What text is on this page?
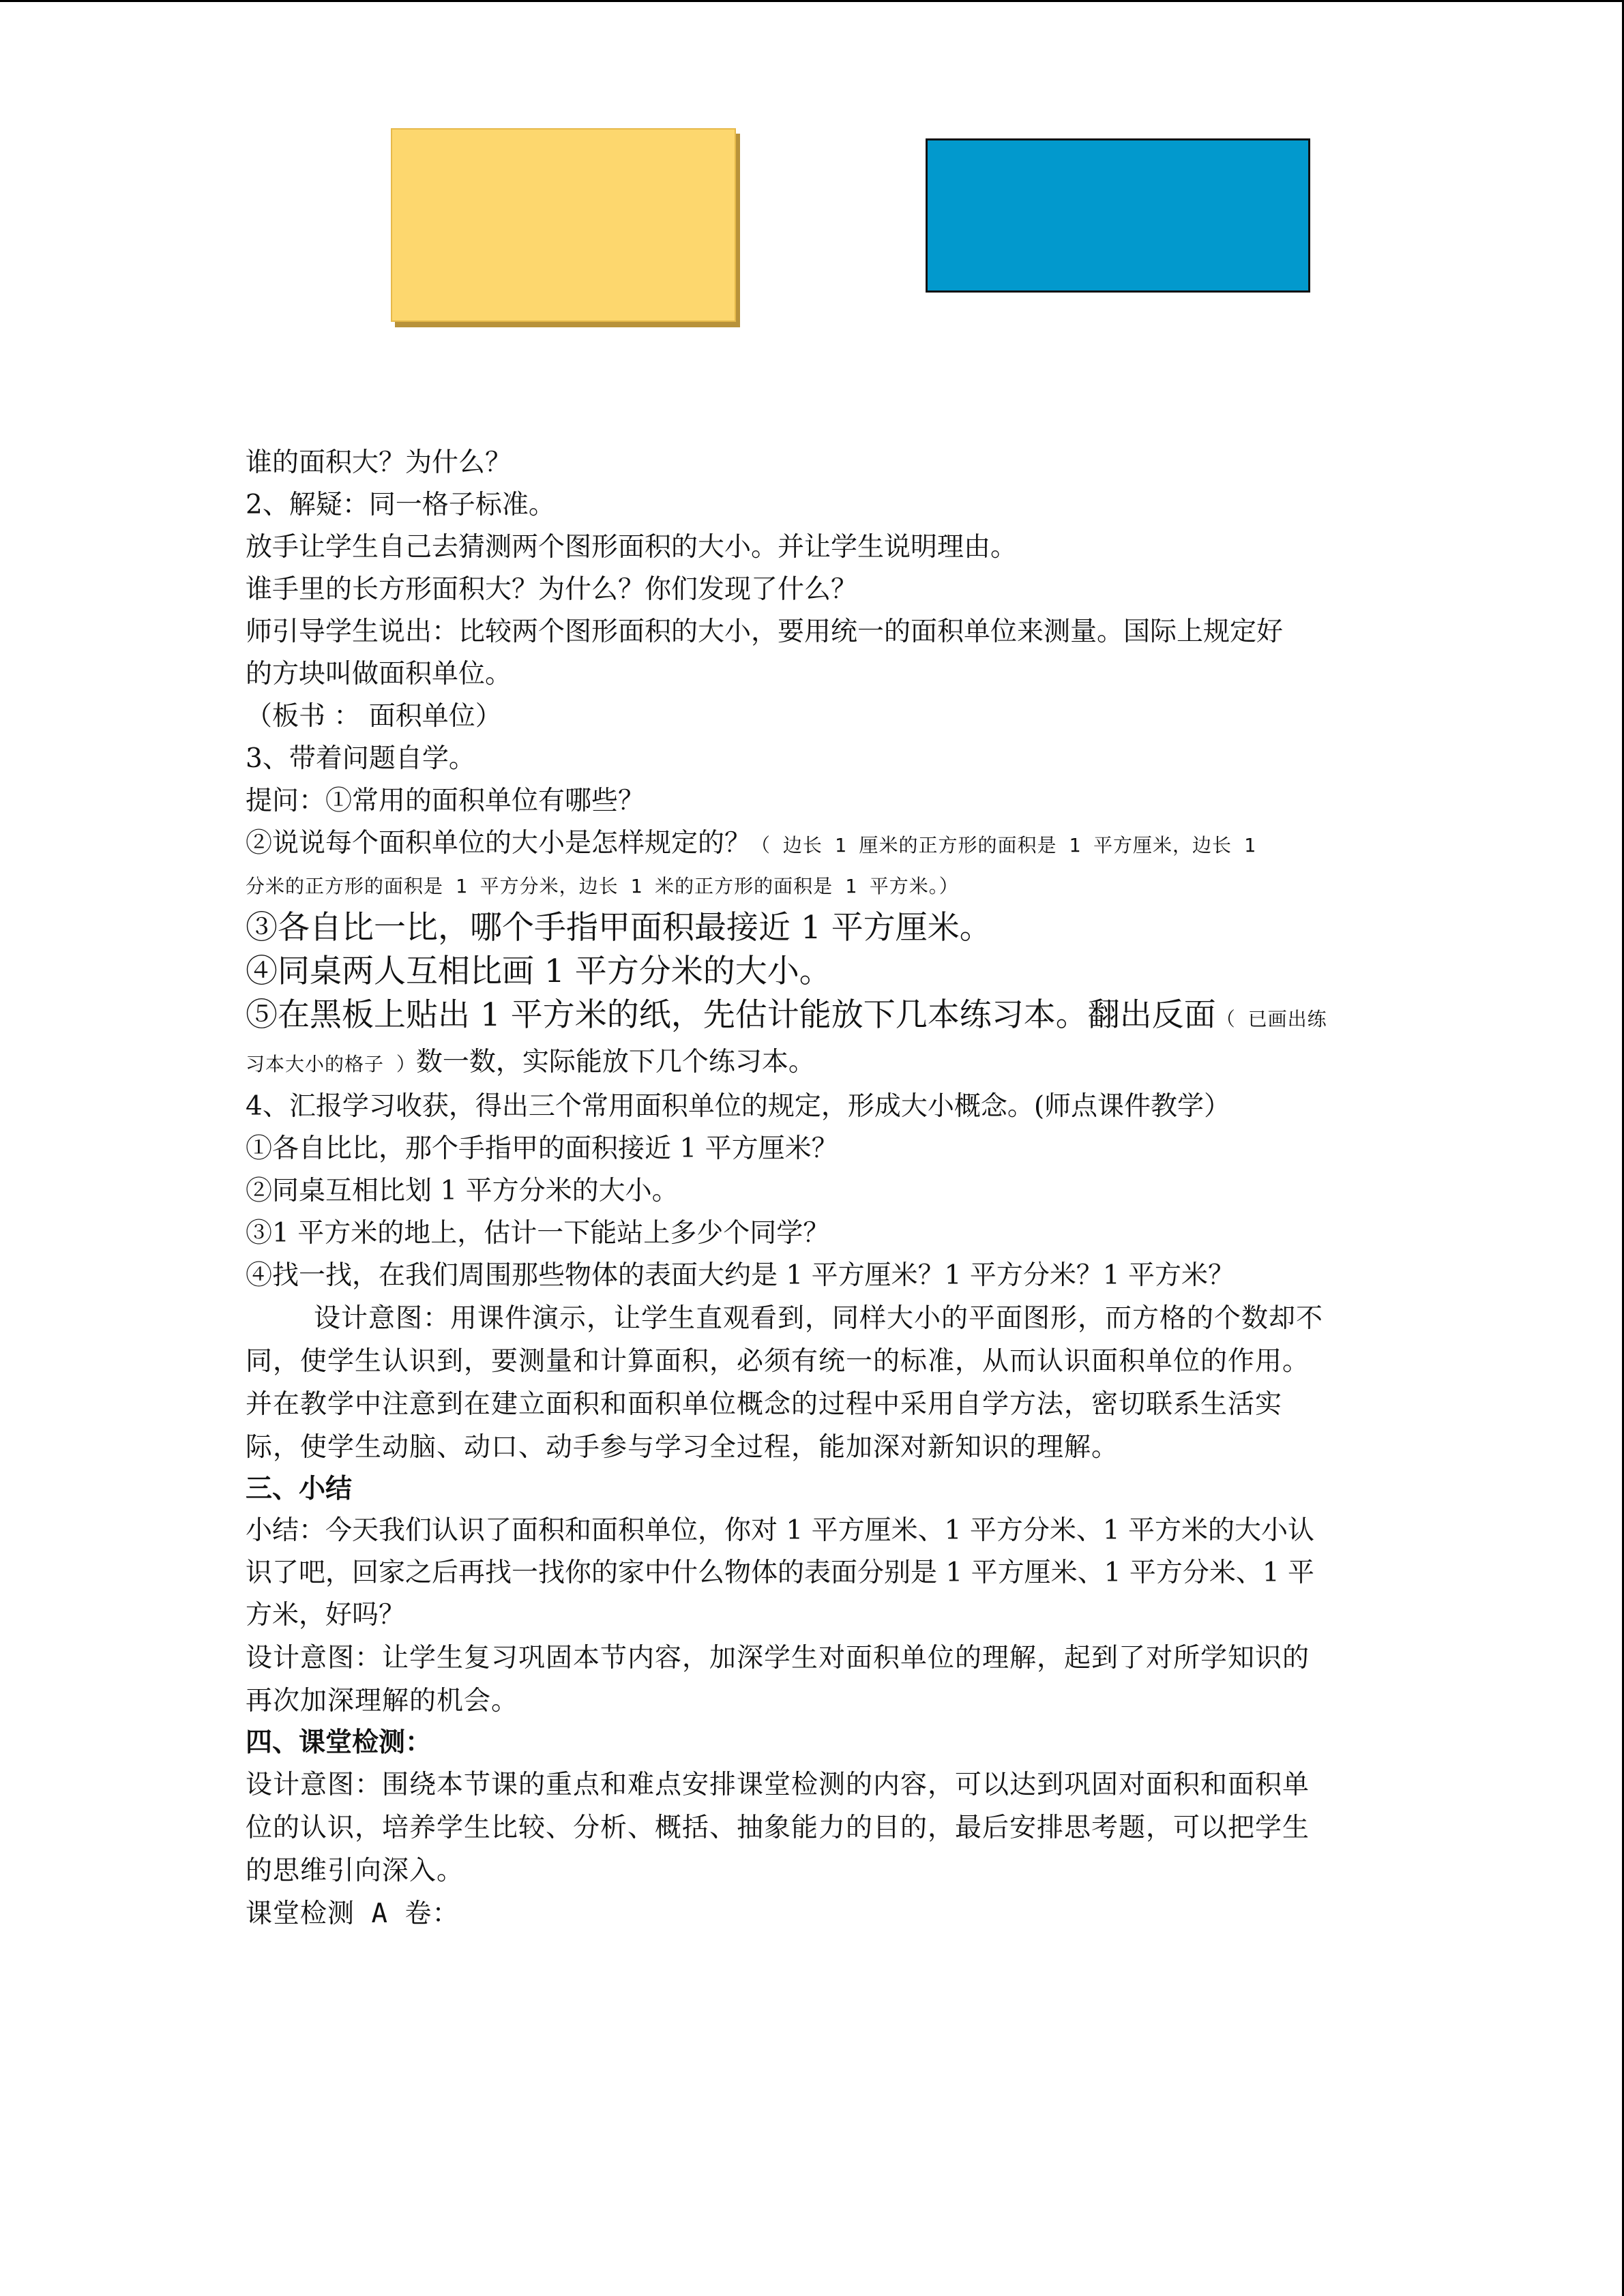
谁的面积大？为什么？

2、解疑：同一格子标准。

放手让学生自己去猜测两个图形面积的大小。并让学生说明理由。

谁手里的长方形面积大？为什么？你们发现了什么？

师引导学生说出：比较两个图形面积的大小，要用统一的面积单位来测量。国际上规定好

的方块叫做面积单位。

（板书 ： 面积单位）

3、带着问题自学。

提问：①常用的面积单位有哪些？

②说说每个面积单位的大小是怎样规定的？（ 边长 1 厘米的正方形的面积是 1 平方厘米，边长 1

分米的正方形的面积是 1 平方分米，边长 1 米的正方形的面积是 1 平方米。）

③各自比一比，哪个手指甲面积最接近 1 平方厘米。

④同桌两人互相比画 1 平方分米的大小。

⑤在黑板上贴出 1 平方米的纸，先估计能放下几本练习本。翻出反面（ 已画出练

习本大小的格子 ）数一数，实际能放下几个练习本。

4、汇报学习收获，得出三个常用面积单位的规定，形成大小概念。(师点课件教学）

①各自比比，那个手指甲的面积接近 1 平方厘米？

②同桌互相比划 1 平方分米的大小。

③1 平方米的地上，估计一下能站上多少个同学？

④找一找，在我们周围那些物体的表面大约是 1 平方厘米？1 平方分米？1 平方米？

设计意图：用课件演示，让学生直观看到，同样大小的平面图形，而方格的个数却不

同，使学生认识到，要测量和计算面积，必须有统一的标准，从而认识面积单位的作用。

并在教学中注意到在建立面积和面积单位概念的过程中采用自学方法，密切联系生活实

际，使学生动脑、动口、动手参与学习全过程，能加深对新知识的理解。

三、小结

小结：今天我们认识了面积和面积单位，你对 1 平方厘米、1 平方分米、1 平方米的大小认

识了吧，回家之后再找一找你的家中什么物体的表面分别是 1 平方厘米、1 平方分米、1 平

方米，好吗？

设计意图：让学生复习巩固本节内容，加深学生对面积单位的理解，起到了对所学知识的

再次加深理解的机会。

四、课堂检测：

设计意图：围绕本节课的重点和难点安排课堂检测的内容，可以达到巩固对面积和面积单

位的认识，培养学生比较、分析、概括、抽象能力的目的，最后安排思考题，可以把学生

的思维引向深入。

课堂检测 A 卷：
